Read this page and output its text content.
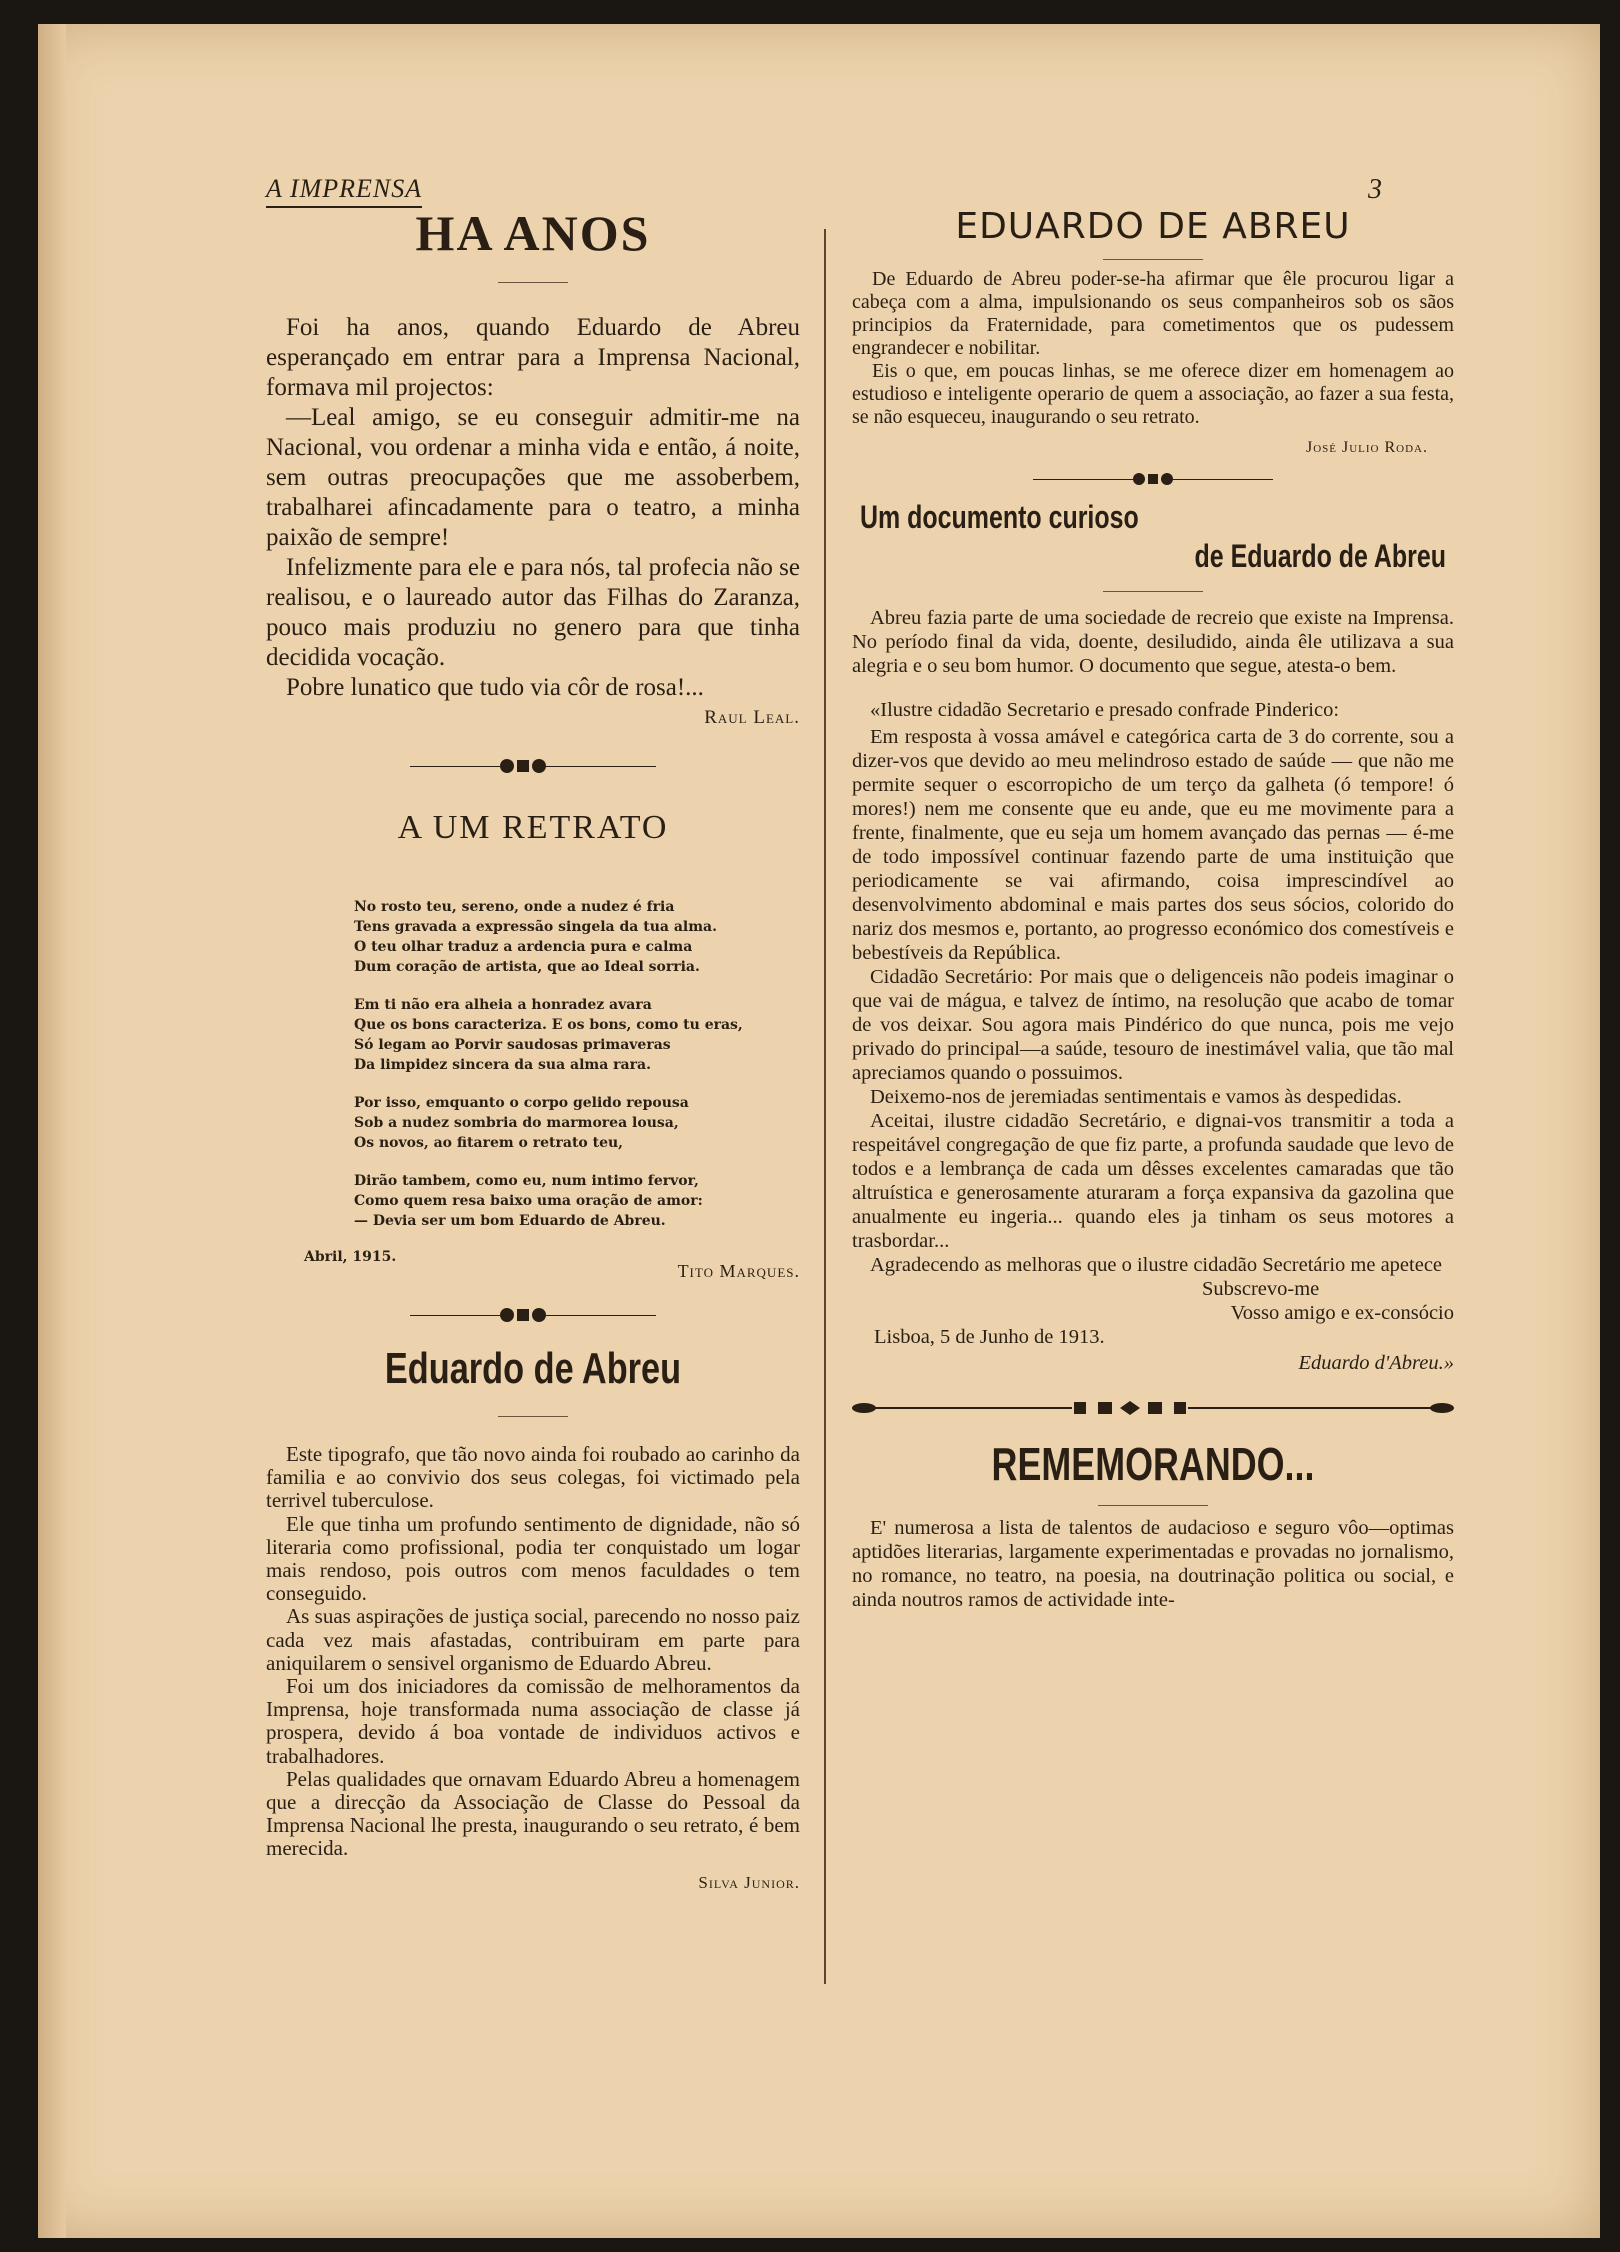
A IMPRENSA	3
HA ANOS

Foi ha anos, quando Eduardo de Abreu esperançado em entrar para a Imprensa Nacional, formava mil projectos:

—Leal amigo, se eu conseguir admitir-me na Nacional, vou ordenar a minha vida e então, á noite, sem outras preocupações que me assoberbem, trabalharei afincadamente para o teatro, a minha paixão de sempre!

Infelizmente para ele e para nós, tal profecia não se realisou, e o laureado autor das Filhas do Zaranza, pouco mais produziu no genero para que tinha decidida vocação.

Pobre lunatico que tudo via côr de rosa!...

Raul Leal.
A UM RETRATO
No rosto teu, sereno, onde a nudez é fria
Tens gravada a expressão singela da tua alma.
O teu olhar traduz a ardencia pura e calma
Dum coração de artista, que ao Ideal sorria.
Em ti não era alheia a honradez avara
Que os bons caracteriza. E os bons, como tu eras,
Só legam ao Porvir saudosas primaveras
Da limpidez sincera da sua alma rara.
Por isso, emquanto o corpo gelido repousa
Sob a nudez sombria do marmorea lousa,
Os novos, ao fitarem o retrato teu,
Dirão tambem, como eu, num intimo fervor,
Como quem resa baixo uma oração de amor:
— Devia ser um bom Eduardo de Abreu.
Abril, 1915.
Tito Marques.
Eduardo de Abreu

Este tipografo, que tão novo ainda foi roubado ao carinho da familia e ao convivio dos seus colegas, foi victimado pela terrivel tuberculose.

Ele que tinha um profundo sentimento de dignidade, não só literaria como profissional, podia ter conquistado um logar mais rendoso, pois outros com menos faculdades o tem conseguido.

As suas aspirações de justiça social, parecendo no nosso paiz cada vez mais afastadas, contribuiram em parte para aniquilarem o sensivel organismo de Eduardo Abreu.

Foi um dos iniciadores da comissão de melhoramentos da Imprensa, hoje transformada numa associação de classe já prospera, devido á boa vontade de individuos activos e trabalhadores.

Pelas qualidades que ornavam Eduardo Abreu a homenagem que a direcção da Associação de Classe do Pessoal da Imprensa Nacional lhe presta, inaugurando o seu retrato, é bem merecida.

Silva Junior.
EDUARDO DE ABREU

De Eduardo de Abreu poder-se-ha afirmar que êle procurou ligar a cabeça com a alma, impulsionando os seus companheiros sob os sãos principios da Fraternidade, para cometimentos que os pudessem engrandecer e nobilitar.

Eis o que, em poucas linhas, se me oferece dizer em homenagem ao estudioso e inteligente operario de quem a associação, ao fazer a sua festa, se não esqueceu, inaugurando o seu retrato.

José Julio Roda.
Um documento curioso
de Eduardo de Abreu

Abreu fazia parte de uma sociedade de recreio que existe na Imprensa. No período final da vida, doente, desiludido, ainda êle utilizava a sua alegria e o seu bom humor. O documento que segue, atesta-o bem.

«Ilustre cidadão Secretario e presado confrade Pinderico:

Em resposta à vossa amável e categórica carta de 3 do corrente, sou a dizer-vos que devido ao meu melindroso estado de saúde — que não me permite sequer o escorropicho de um terço da galheta (ó tempore! ó mores!) nem me consente que eu ande, que eu me movimente para a frente, finalmente, que eu seja um homem avançado das pernas — é-me de todo impossível continuar fazendo parte de uma instituição que periodicamente se vai afirmando, coisa imprescindível ao desenvolvimento abdominal e mais partes dos seus sócios, colorido do nariz dos mesmos e, portanto, ao progresso económico dos comestíveis e bebestíveis da República.

Cidadão Secretário: Por mais que o deligenceis não podeis imaginar o que vai de mágua, e talvez de íntimo, na resolução que acabo de tomar de vos deixar. Sou agora mais Pindérico do que nunca, pois me vejo privado do principal—a saúde, tesouro de inestimável valia, que tão mal apreciamos quando o possuimos.

Deixemo-nos de jeremiadas sentimentais e vamos às despedidas.

Aceitai, ilustre cidadão Secretário, e dignai-vos transmitir a toda a respeitável congregação de que fiz parte, a profunda saudade que levo de todos e a lembrança de cada um dêsses excelentes camaradas que tão altruística e generosamente aturaram a força expansiva da gazolina que anualmente eu ingeria... quando eles ja tinham os seus motores a trasbordar...

Agradecendo as melhoras que o ilustre cidadão Secretário me apetece

Subscrevo-me
Vosso amigo e ex-consócio
Lisboa, 5 de Junho de 1913.
Eduardo d'Abreu.»
REMEMORANDO...

E' numerosa a lista de talentos de audacioso e seguro vôo—optimas aptidões literarias, largamente experimentadas e provadas no jornalismo, no romance, no teatro, na poesia, na doutrinação politica ou social, e ainda noutros ramos de actividade inte-
